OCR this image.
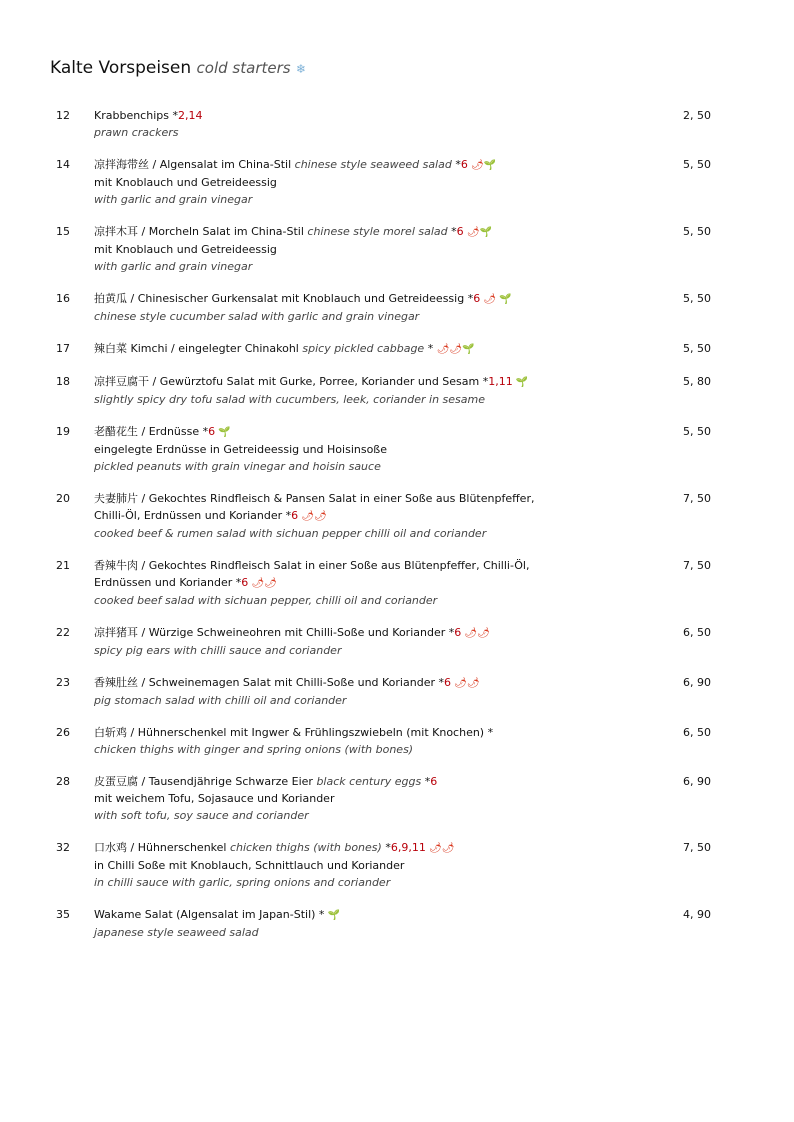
Kalte Vorspeisen cold starters ❄
12	2, 50
Krabbenchips *2,14
prawn crackers
14	5, 50
凉拌海带丝 / Algensalat im China-Stil chinese style seaweed salad *6 🌶🌱
mit Knoblauch und Getreideessig
with garlic and grain vinegar
15	5, 50
凉拌木耳 / Morcheln Salat im China-Stil chinese style morel salad *6 🌶🌱
mit Knoblauch und Getreideessig
with garlic and grain vinegar
16	5, 50
拍黄瓜 / Chinesischer Gurkensalat mit Knoblauch und Getreideessig *6 🌶 🌱
chinese style cucumber salad with garlic and grain vinegar
17	5, 50
辣白菜 Kimchi / eingelegter Chinakohl spicy pickled cabbage * 🌶🌶🌱
18	5, 80
凉拌豆腐干 / Gewürztofu Salat mit Gurke, Porree, Koriander und Sesam *1,11 🌱
slightly spicy dry tofu salad with cucumbers, leek, coriander in sesame
19	5, 50
老醋花生 / Erdnüsse *6 🌱
eingelegte Erdnüsse in Getreideessig und Hoisinsoße
pickled peanuts with grain vinegar and hoisin sauce
20	7, 50
夫妻肺片 / Gekochtes Rindfleisch & Pansen Salat in einer Soße aus Blütenpfeffer,
Chilli-Öl, Erdnüssen und Koriander *6 🌶🌶
cooked beef & rumen salad with sichuan pepper chilli oil and coriander
21	7, 50
香辣牛肉 / Gekochtes Rindfleisch Salat in einer Soße aus Blütenpfeffer, Chilli-Öl,
Erdnüssen und Koriander *6 🌶🌶
cooked beef salad with sichuan pepper, chilli oil and coriander
22	6, 50
凉拌猪耳 / Würzige Schweineohren mit Chilli-Soße und Koriander *6 🌶🌶
spicy pig ears with chilli sauce and coriander
23	6, 90
香辣肚丝 / Schweinemagen Salat mit Chilli-Soße und Koriander *6 🌶🌶
pig stomach salad with chilli oil and coriander
26	6, 50
白斩鸡 / Hühnerschenkel mit Ingwer & Frühlingszwiebeln (mit Knochen) *
chicken thighs with ginger and spring onions (with bones)
28	6, 90
皮蛋豆腐 / Tausendjährige Schwarze Eier black century eggs *6
mit weichem Tofu, Sojasauce und Koriander
with soft tofu, soy sauce and coriander
32	7, 50
口水鸡 / Hühnerschenkel chicken thighs (with bones) *6,9,11 🌶🌶
in Chilli Soße mit Knoblauch, Schnittlauch und Koriander
in chilli sauce with garlic, spring onions and coriander
35	4, 90
Wakame Salat (Algensalat im Japan-Stil) * 🌱
japanese style seaweed salad
